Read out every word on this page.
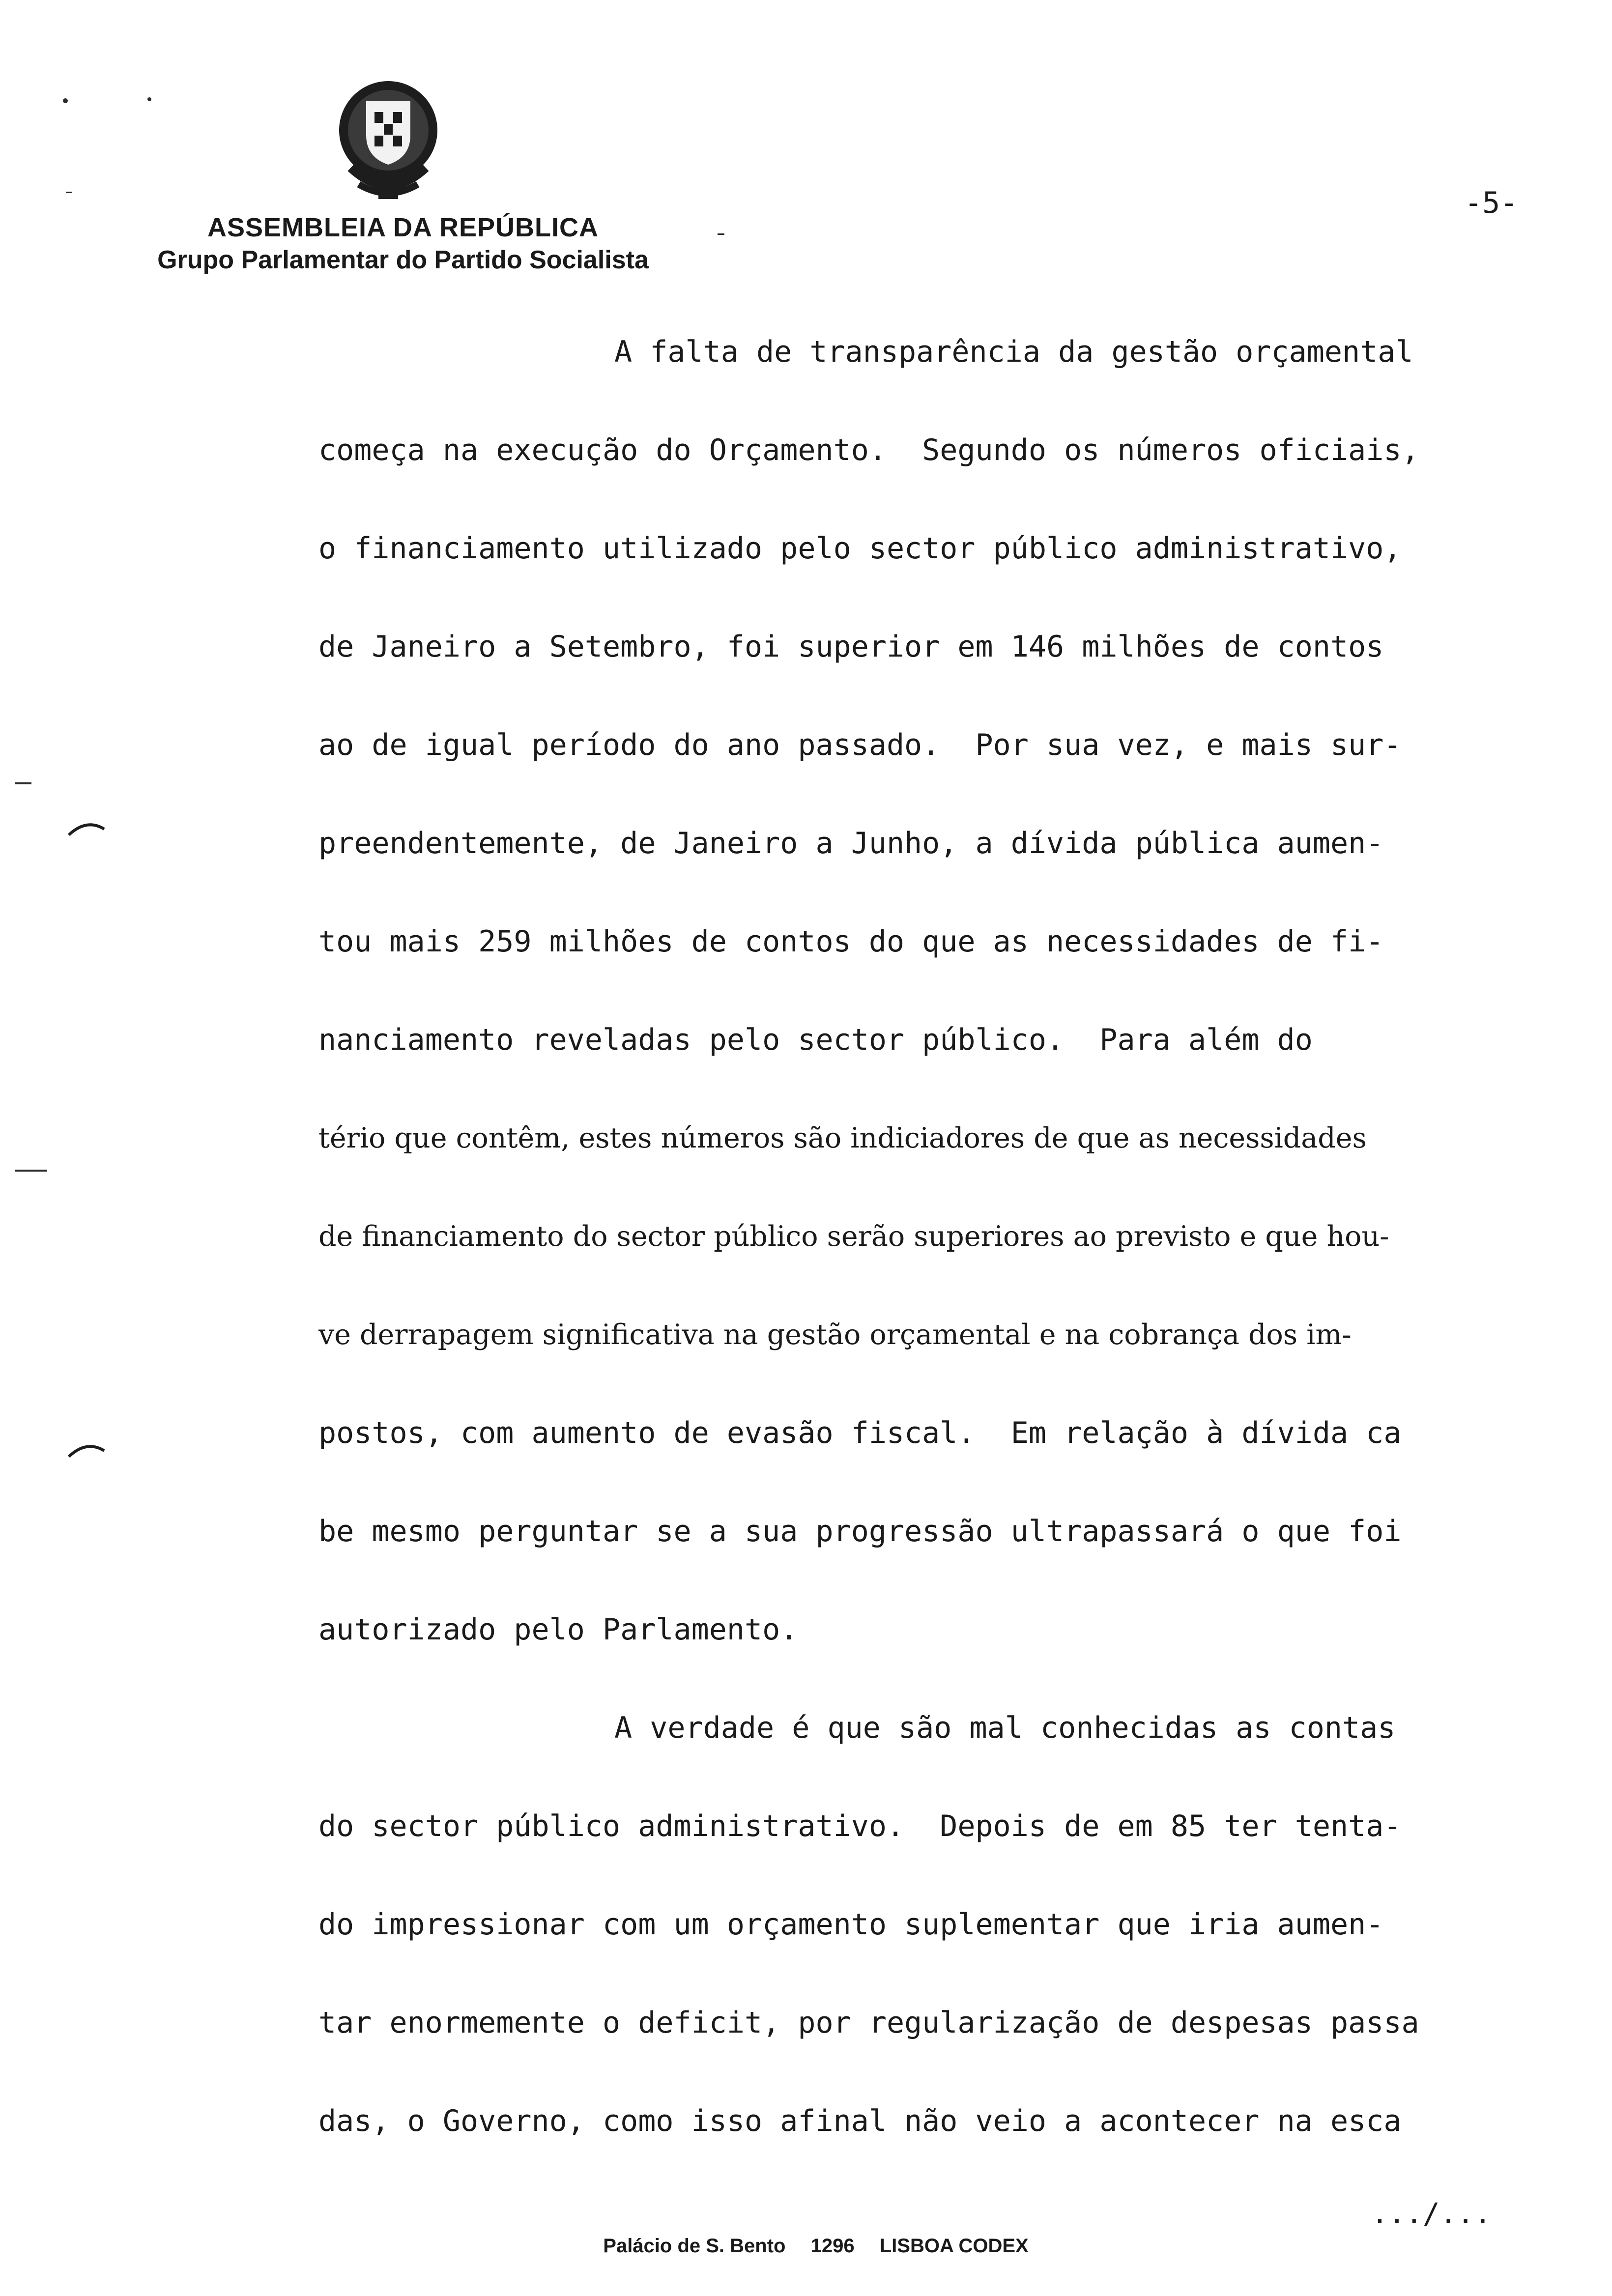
ASSEMBLEIA DA REPÚBLICA
Grupo Parlamentar do Partido Socialista
-5-
A falta de transparência da gestão orçamental
começa na execução do Orçamento.  Segundo os números oficiais,
o financiamento utilizado pelo sector público administrativo,
de Janeiro a Setembro, foi superior em 146 milhões de contos
ao de igual período do ano passado.  Por sua vez, e mais sur-
preendentemente, de Janeiro a Junho, a dívida pública aumen-
tou mais 259 milhões de contos do que as necessidades de fi-
nanciamento reveladas pelo sector público.  Para além do
tério que contêm, estes números são indiciadores de que as necessidades
de financiamento do sector público serão superiores ao previsto e que hou-
ve derrapagem significativa na gestão orçamental e na cobrança dos im-
postos, com aumento de evasão fiscal.  Em relação à dívida ca
be mesmo perguntar se a sua progressão ultrapassará o que foi
autorizado pelo Parlamento.
A verdade é que são mal conhecidas as contas
do sector público administrativo.  Depois de em 85 ter tenta-
do impressionar com um orçamento suplementar que iria aumen-
tar enormemente o deficit, por regularização de despesas passa
das, o Governo, como isso afinal não veio a acontecer na esca
.../...
Palácio de S. Bento 1296 LISBOA CODEX
